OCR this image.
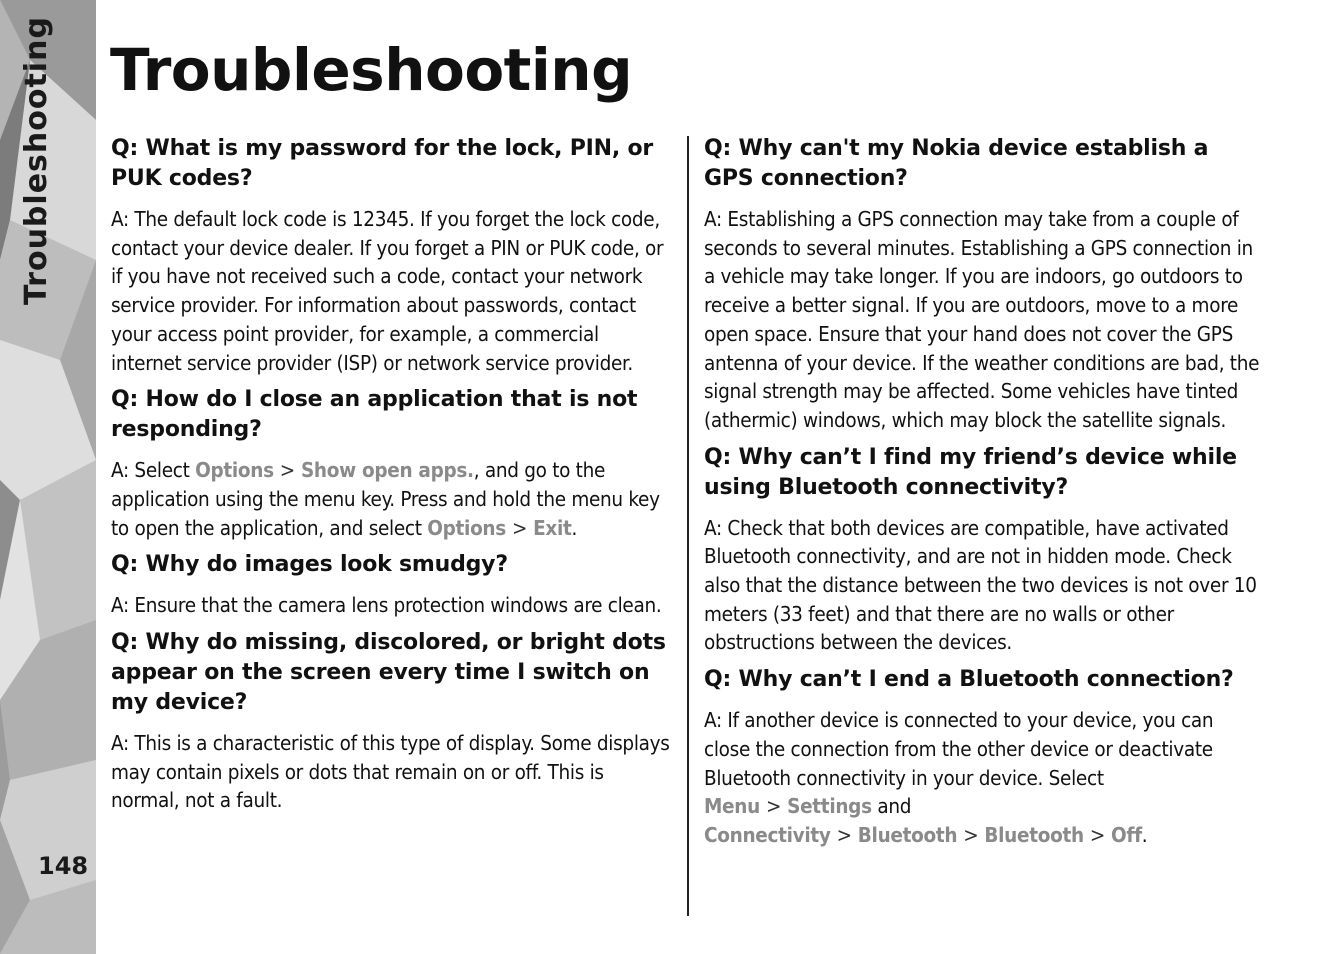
Troubleshooting
148
Troubleshooting

Q: What is my password for the lock, PIN, or PUK codes?

A: The default lock code is 12345. If you forget the lock code, contact your device dealer. If you forget a PIN or PUK code, or if you have not received such a code, contact your network service provider. For information about passwords, contact your access point provider, for example, a commercial internet service provider (ISP) or network service provider.

Q: How do I close an application that is not responding?

A: Select Options > Show open apps., and go to the application using the menu key. Press and hold the menu key to open the application, and select Options > Exit.

Q: Why do images look smudgy?

A: Ensure that the camera lens protection windows are clean.

Q: Why do missing, discolored, or bright dots appear on the screen every time I switch on my device?

A: This is a characteristic of this type of display. Some displays may contain pixels or dots that remain on or off. This is normal, not a fault.

Q: Why can't my Nokia device establish a GPS connection?

A: Establishing a GPS connection may take from a couple of seconds to several minutes. Establishing a GPS connection in a vehicle may take longer. If you are indoors, go outdoors to receive a better signal. If you are outdoors, move to a more open space. Ensure that your hand does not cover the GPS antenna of your device. If the weather conditions are bad, the signal strength may be affected. Some vehicles have tinted (athermic) windows, which may block the satellite signals.

Q: Why can’t I find my friend’s device while using Bluetooth connectivity?

A: Check that both devices are compatible, have activated Bluetooth connectivity, and are not in hidden mode. Check also that the distance between the two devices is not over 10 meters (33 feet) and that there are no walls or other obstructions between the devices.

Q: Why can’t I end a Bluetooth connection?

A: If another device is connected to your device, you can close the connection from the other device or deactivate Bluetooth connectivity in your device. Select Menu > Settings and Connectivity > Bluetooth > Bluetooth > Off.
